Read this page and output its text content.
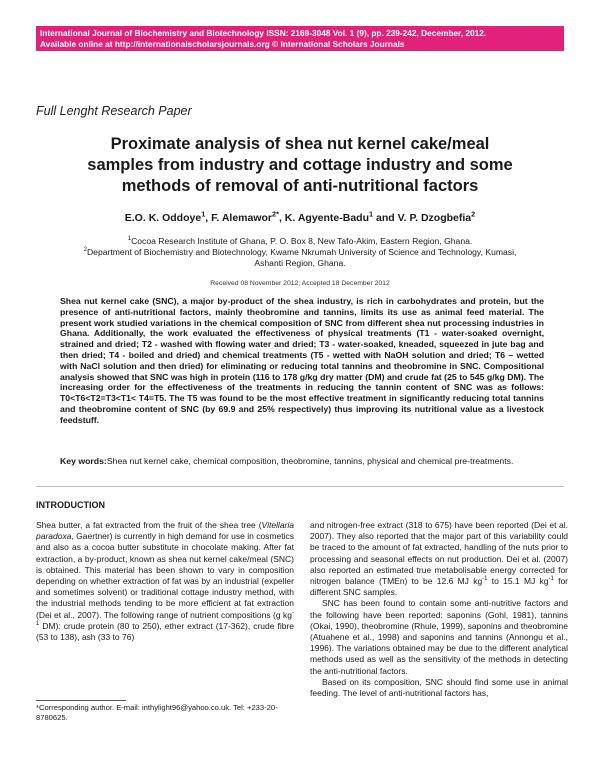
International Journal of Biochemistry and Biotechnology ISSN: 2169-3048 Vol. 1 (9), pp. 239-242, December, 2012.
Available online at http://internationalscholarsjournals.org © International Scholars Journals
Full Lenght Research Paper
Proximate analysis of shea nut kernel cake/meal
samples from industry and cottage industry and some
methods of removal of anti-nutritional factors
E.O. K. Oddoye$^1$, F. Alemawor$^{2*}$, K. Agyente-Badu$^1$ and V. P. Dzogbefia$^2$
$^1$Cocoa Research Institute of Ghana, P. O. Box 8, New Tafo-Akim, Eastern Region, Ghana.
$^2$Department of Biochemistry and Biotechnology, Kwame Nkrumah University of Science and Technology, Kumasi,
Ashanti Region, Ghana.
Received 08 November 2012; Accepted 18 December 2012
Shea nut kernel cake (SNC), a major by-product of the shea industry, is rich in carbohydrates and protein, but the presence of anti-nutritional factors, mainly theobromine and tannins, limits its use as animal feed material. The present work studied variations in the chemical composition of SNC from different shea nut processing industries in Ghana. Additionally, the work evaluated the effectiveness of physical treatments (T1 - water-soaked overnight, strained and dried; T2 - washed with flowing water and dried; T3 - water-soaked, kneaded, squeezed in jute bag and then dried; T4 - boiled and dried) and chemical treatments (T5 - wetted with NaOH solution and dried; T6 – wetted with NaCl solution and then dried) for eliminating or reducing total tannins and theobromine in SNC. Compositional analysis showed that SNC was high in protein (116 to 178 g/kg dry matter (DM) and crude fat (25 to 545 g/kg DM). The increasing order for the effectiveness of the treatments in reducing the tannin content of SNC was as follows: T0<T6<T2=T3<T1< T4=T5. The T5 was found to be the most effective treatment in significantly reducing total tannins and theobromine content of SNC (by 69.9 and 25% respectively) thus improving its nutritional value as a livestock feedstuff.
Key words:Shea nut kernel cake, chemical composition, theobromine, tannins, physical and chemical pre-treatments.
INTRODUCTION

Shea butter, a fat extracted from the fruit of the shea tree (Vitellaria paradoxa, Gaertner) is currently in high demand for use in cosmetics and also as a cocoa butter substitute in chocolate making. After fat extraction, a by-product, known as shea nut kernel cake/meal (SNC) is obtained. This material has been shown to vary in composition depending on whether extraction of fat was by an industrial (expeller and sometimes solvent) or traditional cottage industry method, with the industrial methods tending to be more efficient at fat extraction (Dei et al., 2007). The following range of nutrient compositions (g $kg^{-1}$ DM): crude protein (80 to 250), ether extract (17-362), crude fibre (53 to 138), ash (33 to 76)

and nitrogen-free extract (318 to 675) have been reported (Dei et al. 2007). They also reported that the major part of this variability could be traced to the amount of fat extracted, handling of the nuts prior to processing and seasonal effects on nut production. Dei et al. (2007) also reported an estimated true metabolisable energy corrected for nitrogen balance (TMEn) to be 12.6 MJ $kg^{-1}$ to 15.1 MJ $kg^{-1}$ for different SNC samples.

SNC has been found to contain some anti-nutritive factors and the following have been reported: saponins (Gohl, 1981), tannins (Okai, 1990), theobromine (Rhule, 1999), saponins and theobromine (Atuahene et al., 1998) and saponins and tannins (Annongu et al., 1996). The variations obtained may be due to the different analytical methods used as well as the sensitivity of the methods in detecting the anti-nutritional factors.

Based on its composition, SNC should find some use in animal feeding. The level of anti-nutritional factors has,

*Corresponding author. E-mail: inthylight96@yahoo.co.uk. Tel: +233-20-8780625.
